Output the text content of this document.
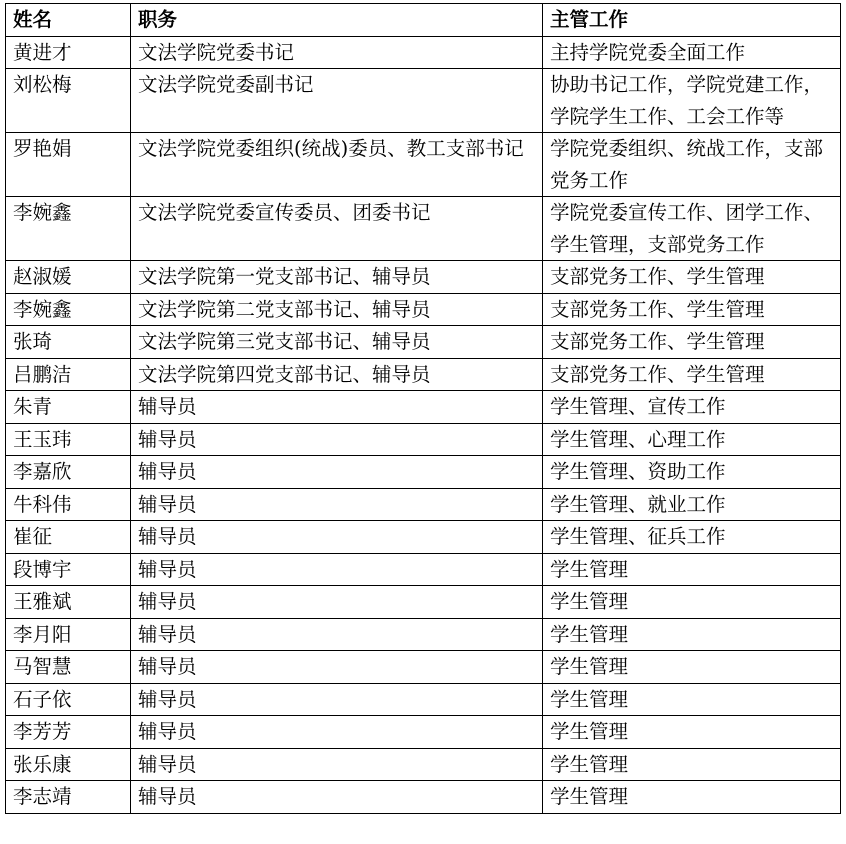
姓名	职务	主管工作
黄进才	文法学院党委书记	主持学院党委全面工作
刘松梅	文法学院党委副书记	协助书记工作，学院党建工作，学院学生工作、工会工作等
罗艳娟	文法学院党委组织(统战)委员、教工支部书记	学院党委组织、统战工作，支部党务工作
李婉鑫	文法学院党委宣传委员、团委书记	学院党委宣传工作、团学工作、学生管理，支部党务工作
赵淑媛	文法学院第一党支部书记、辅导员	支部党务工作、学生管理
李婉鑫	文法学院第二党支部书记、辅导员	支部党务工作、学生管理
张琦	文法学院第三党支部书记、辅导员	支部党务工作、学生管理
吕鹏洁	文法学院第四党支部书记、辅导员	支部党务工作、学生管理
朱青	辅导员	学生管理、宣传工作
王玉玮	辅导员	学生管理、心理工作
李嘉欣	辅导员	学生管理、资助工作
牛科伟	辅导员	学生管理、就业工作
崔征	辅导员	学生管理、征兵工作
段博宇	辅导员	学生管理
王雅斌	辅导员	学生管理
李月阳	辅导员	学生管理
马智慧	辅导员	学生管理
石子依	辅导员	学生管理
李芳芳	辅导员	学生管理
张乐康	辅导员	学生管理
李志靖	辅导员	学生管理
